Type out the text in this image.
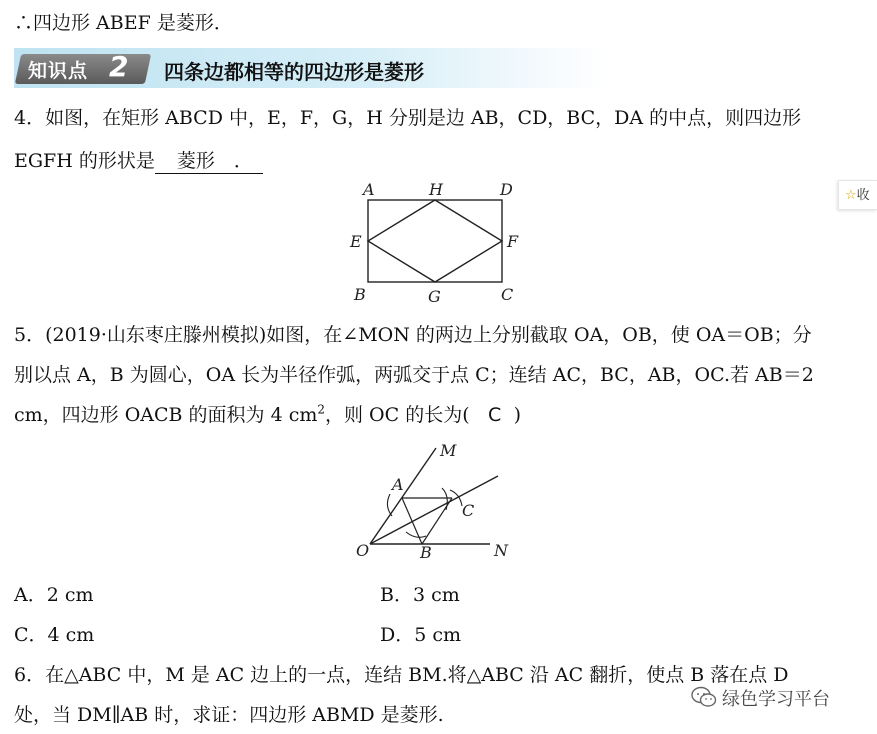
∴四边形 ABEF 是菱形．
知识点 2 四条边都相等的四边形是菱形
4．如图，在矩形 ABCD 中，E，F，G，H 分别是边 AB，CD，BC，DA 的中点，则四边形
EGFH 的形状是 菱形　．
A	H	D
E	F
B	G	C
5．(2019·山东枣庄滕州模拟)如图，在∠MON 的两边上分别截取 OA，OB，使 OA＝OB；分
别以点 A，B 为圆心，OA 长为半径作弧，两弧交于点 C；连结 AC，BC，AB，OC.若 AB＝2
cm，四边形 OACB 的面积为 4 $cm^2$，则 OC 的长为( C )
M
A
C
O	B	N
A．2 cm	B．3 cm
C．4 cm	D．5 cm
6．在△ABC 中，M 是 AC 边上的一点，连结 BM.将△ABC 沿 AC 翻折，使点 B 落在点 D
处，当 DM∥AB 时，求证：四边形 ABMD 是菱形.
☆收
绿色学习平台
